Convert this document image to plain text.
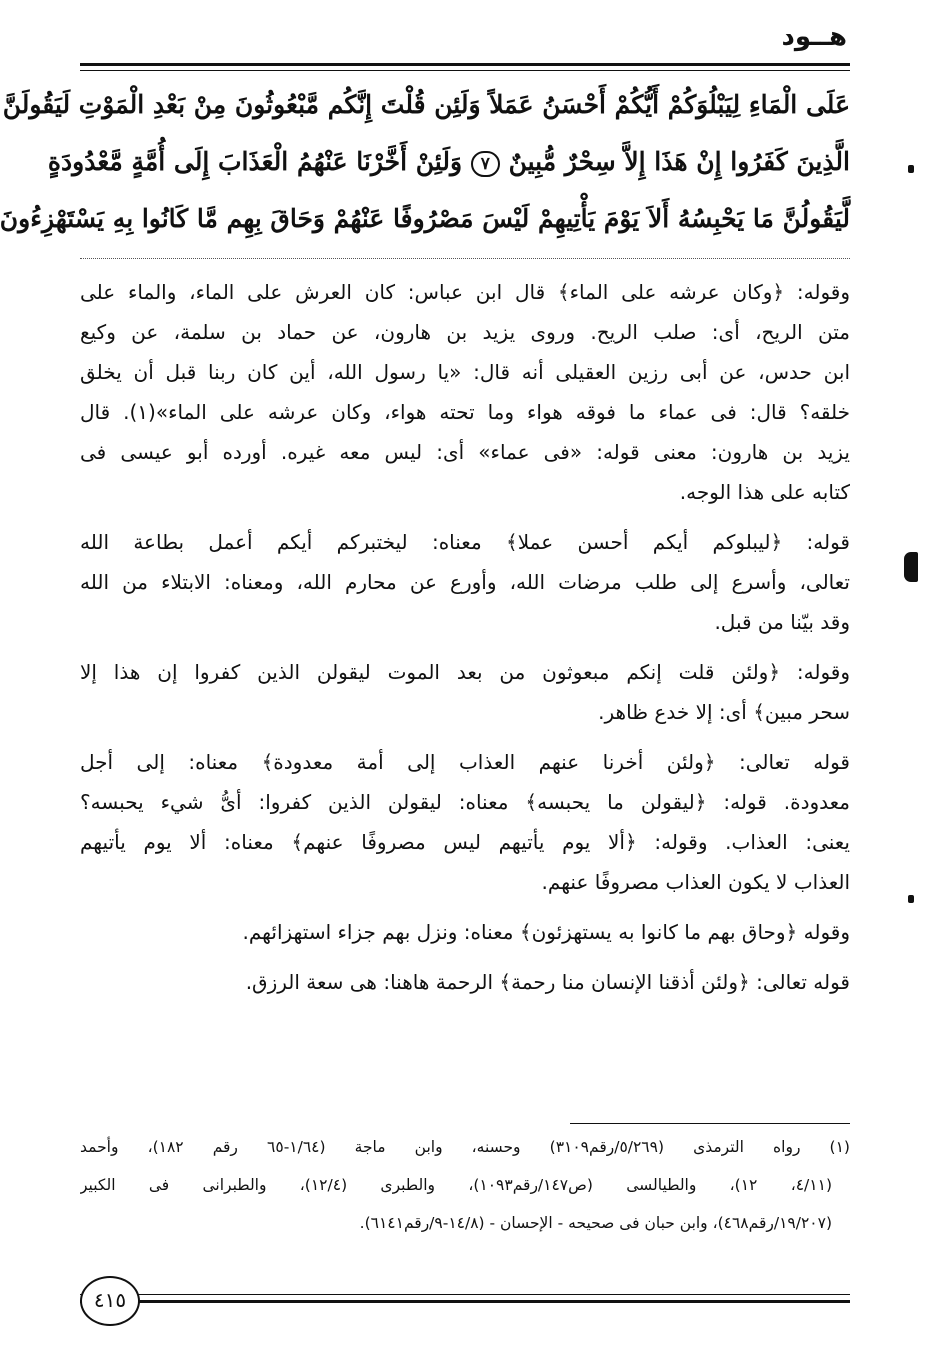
هــود
عَلَى الْمَاءِ لِيَبْلُوَكُمْ أَيُّكُمْ أَحْسَنُ عَمَلاً وَلَئِن قُلْتَ إِنَّكُم مَّبْعُوثُونَ مِنْ بَعْدِ الْمَوْتِ لَيَقُولَنَّ
الَّذِينَ كَفَرُوا إِنْ هَذَا إِلاَّ سِحْرٌ مُّبِينٌ ٧ وَلَئِنْ أَخَّرْنَا عَنْهُمُ الْعَذَابَ إِلَى أُمَّةٍ مَّعْدُودَةٍ
لَّيَقُولُنَّ مَا يَحْبِسُهُ أَلاَ يَوْمَ يَأْتِيهِمْ لَيْسَ مَصْرُوفًا عَنْهُمْ وَحَاقَ بِهِم مَّا كَانُوا بِهِ يَسْتَهْزِءُونَ
وقوله: ﴿وكان عرشه على الماء﴾ قال ابن عباس: كان العرش على الماء، والماء على
متن الريح، أى: صلب الريح. وروى يزيد بن هارون، عن حماد بن سلمة، عن وكيع
ابن حدس، عن أبى رزين العقيلى أنه قال: «يا رسول الله، أين كان ربنا قبل أن يخلق
خلقه؟ قال: فى عماء ما فوقه هواء وما تحته هواء، وكان عرشه على الماء»(١). قال
يزيد بن هارون: معنى قوله: «فى عماء» أى: ليس معه غيره. أورده أبو عيسى فى
كتابه على هذا الوجه.
قوله: ﴿ليبلوكم أيكم أحسن عملا﴾ معناه: ليختبركم أيكم أعمل بطاعة الله
تعالى، وأسرع إلى طلب مرضات الله، وأورع عن محارم الله، ومعناه: الابتلاء من الله
وقد بيّنا من قبل.
وقوله: ﴿ولئن قلت إنكم مبعوثون من بعد الموت ليقولن الذين كفروا إن هذا إلا
سحر مبين﴾ أى: إلا خدع ظاهر.
قوله تعالى: ﴿ولئن أخرنا عنهم العذاب إلى أمة معدودة﴾ معناه: إلى أجل
معدودة. قوله: ﴿ليقولن ما يحبسه﴾ معناه: ليقولن الذين كفروا: أىُّ شيء يحبسه؟
يعنى: العذاب. وقوله: ﴿ألا يوم يأتيهم ليس مصروفًا عنهم﴾ معناه: ألا يوم يأتيهم
العذاب لا يكون العذاب مصروفًا عنهم.
وقوله ﴿وحاق بهم ما كانوا به يستهزئون﴾ معناه: ونزل بهم جزاء استهزائهم.
قوله تعالى: ﴿ولئن أذقنا الإنسان منا رحمة﴾ الرحمة هاهنا: هى سعة الرزق.
(١) رواه الترمذى (٥/٢٦٩/رقم٣١٠٩) وحسنه، وابن ماجة (١/٦٤-٦٥ رقم ١٨٢)، وأحمد
(٤/١١، ١٢)، والطيالسى (ص١٤٧/رقم١٠٩٣)، والطبرى (١٢/٤)، والطبرانى فى الكبير
(١٩/٢٠٧/رقم٤٦٨)، وابن حبان فى صحيحه - الإحسان - (١٤/٨-٩/رقم٦١٤١).
٤١٥
